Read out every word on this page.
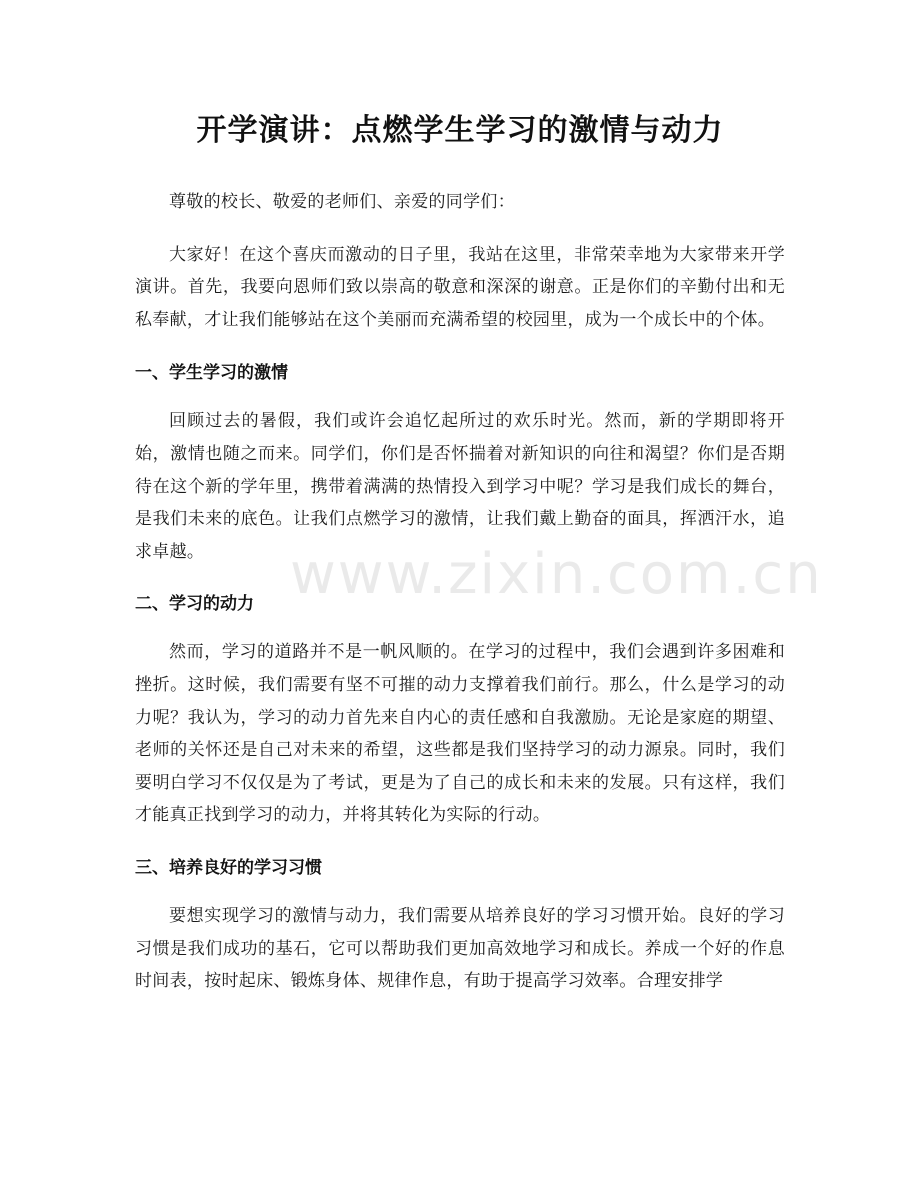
开学演讲：点燃学生学习的激情与动力

尊敬的校长、敬爱的老师们、亲爱的同学们：

大家好！在这个喜庆而激动的日子里，我站在这里，非常荣幸地为大家带来开学演讲。首先，我要向恩师们致以崇高的敬意和深深的谢意。正是你们的辛勤付出和无私奉献，才让我们能够站在这个美丽而充满希望的校园里，成为一个成长中的个体。

一、学生学习的激情

回顾过去的暑假，我们或许会追忆起所过的欢乐时光。然而，新的学期即将开始，激情也随之而来。同学们，你们是否怀揣着对新知识的向往和渴望？你们是否期待在这个新的学年里，携带着满满的热情投入到学习中呢？学习是我们成长的舞台，是我们未来的底色。让我们点燃学习的激情，让我们戴上勤奋的面具，挥洒汗水，追求卓越。

二、学习的动力

然而，学习的道路并不是一帆风顺的。在学习的过程中，我们会遇到许多困难和挫折。这时候，我们需要有坚不可摧的动力支撑着我们前行。那么，什么是学习的动力呢？我认为，学习的动力首先来自内心的责任感和自我激励。无论是家庭的期望、老师的关怀还是自己对未来的希望，这些都是我们坚持学习的动力源泉。同时，我们要明白学习不仅仅是为了考试，更是为了自己的成长和未来的发展。只有这样，我们才能真正找到学习的动力，并将其转化为实际的行动。

三、培养良好的学习习惯

要想实现学习的激情与动力，我们需要从培养良好的学习习惯开始。良好的学习习惯是我们成功的基石，它可以帮助我们更加高效地学习和成长。养成一个好的作息时间表，按时起床、锻炼身体、规律作息，有助于提高学习效率。合理安排学

www.zixin.com.cn
